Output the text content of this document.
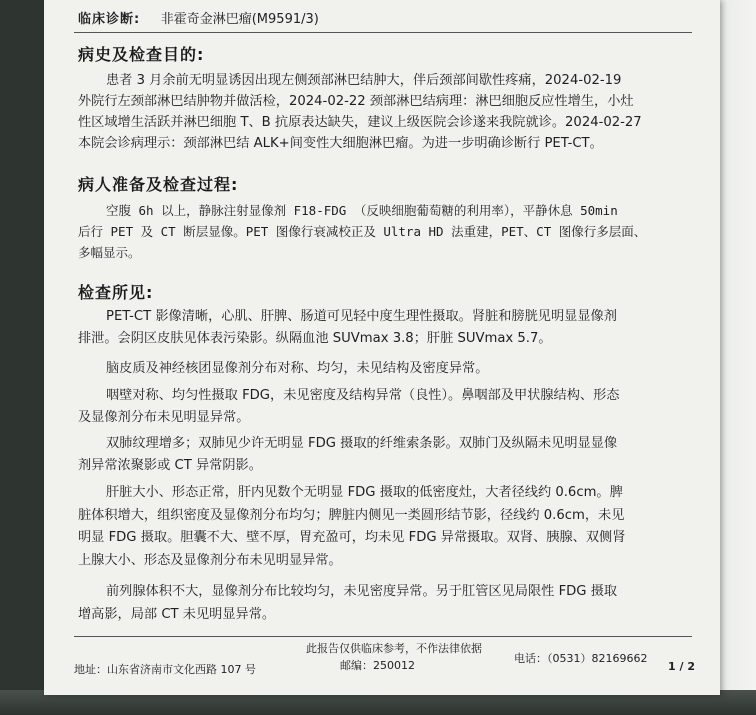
临床诊断: 非霍奇金淋巴瘤(M9591/3)
病史及检查目的:
患者 3 月余前无明显诱因出现左侧颈部淋巴结肿大，伴后颈部间歇性疼痛，2024-02-19
外院行左颈部淋巴结肿物并做活检，2024-02-22 颈部淋巴结病理：淋巴细胞反应性增生，小灶
性区域增生活跃并淋巴细胞 T、B 抗原表达缺失，建议上级医院会诊遂来我院就诊。2024-02-27
本院会诊病理示：颈部淋巴结 ALK+间变性大细胞淋巴瘤。为进一步明确诊断行 PET-CT。
病人准备及检查过程:
空腹 6h 以上，静脉注射显像剂 F18-FDG （反映细胞葡萄糖的利用率），平静休息 50min
后行 PET 及 CT 断层显像。PET 图像行衰减校正及 Ultra HD 法重建，PET、CT 图像行多层面、
多幅显示。
检查所见:
PET-CT 影像清晰，心肌、肝脾、肠道可见轻中度生理性摄取。肾脏和膀胱见明显显像剂
排泄。会阴区皮肤见体表污染影。纵隔血池 SUVmax 3.8；肝脏 SUVmax 5.7。
脑皮质及神经核团显像剂分布对称、均匀，未见结构及密度异常。
咽壁对称、均匀性摄取 FDG，未见密度及结构异常（良性）。鼻咽部及甲状腺结构、形态
及显像剂分布未见明显异常。
双肺纹理增多；双肺见少许无明显 FDG 摄取的纤维索条影。双肺门及纵隔未见明显显像
剂异常浓聚影或 CT 异常阴影。
肝脏大小、形态正常，肝内见数个无明显 FDG 摄取的低密度灶，大者径线约 0.6cm。脾
脏体积增大，组织密度及显像剂分布均匀；脾脏内侧见一类圆形结节影，径线约 0.6cm，未见
明显 FDG 摄取。胆囊不大、壁不厚，胃充盈可，均未见 FDG 异常摄取。双肾、胰腺、双侧肾
上腺大小、形态及显像剂分布未见明显异常。
前列腺体积不大，显像剂分布比较均匀，未见密度异常。另于肛管区见局限性 FDG 摄取
增高影，局部 CT 未见明显异常。
此报告仅供临床参考，不作法律依据
邮编：250012
地址：山东省济南市文化西路 107 号
电话：（0531）82169662
1 / 2
